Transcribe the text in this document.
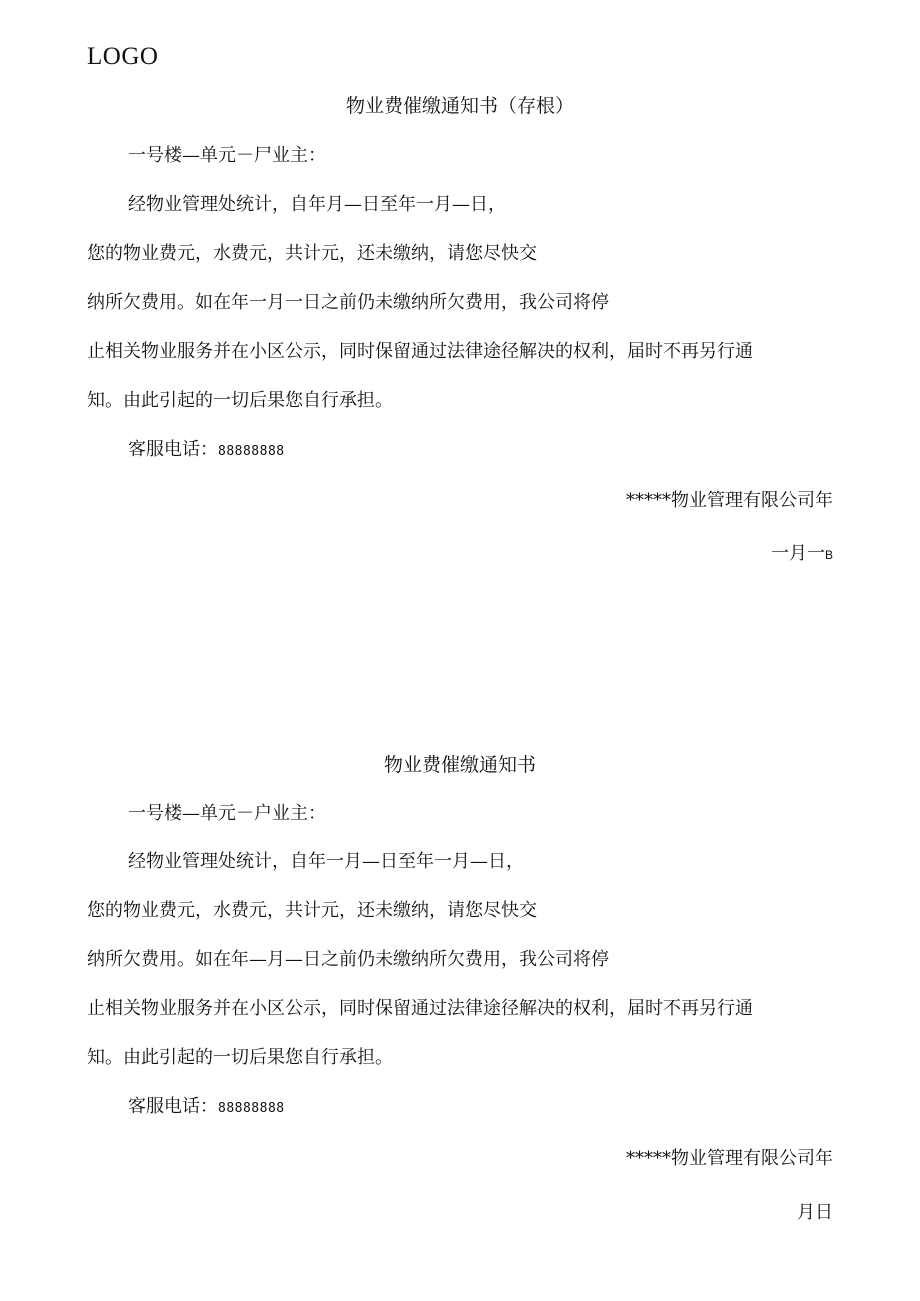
LOGO
物业费催缴通知书（存根）
一号楼—单元－尸业主：
经物业管理处统计，自年月—日至年一月—日，
您的物业费元，水费元，共计元，还未缴纳，请您尽快交
纳所欠费用。如在年一月一日之前仍未缴纳所欠费用，我公司将停
止相关物业服务并在小区公示，同时保留通过法律途径解决的权利，届时不再另行通
知。由此引起的一切后果您自行承担。
客服电话：88888888
*****物业管理有限公司年
一月一B
物业费催缴通知书
一号楼—单元－户业主：
经物业管理处统计，自年一月—日至年一月—日，
您的物业费元，水费元，共计元，还未缴纳，请您尽快交
纳所欠费用。如在年—月—日之前仍未缴纳所欠费用，我公司将停
止相关物业服务并在小区公示，同时保留通过法律途径解决的权利，届时不再另行通
知。由此引起的一切后果您自行承担。
客服电话：88888888
*****物业管理有限公司年
月日
